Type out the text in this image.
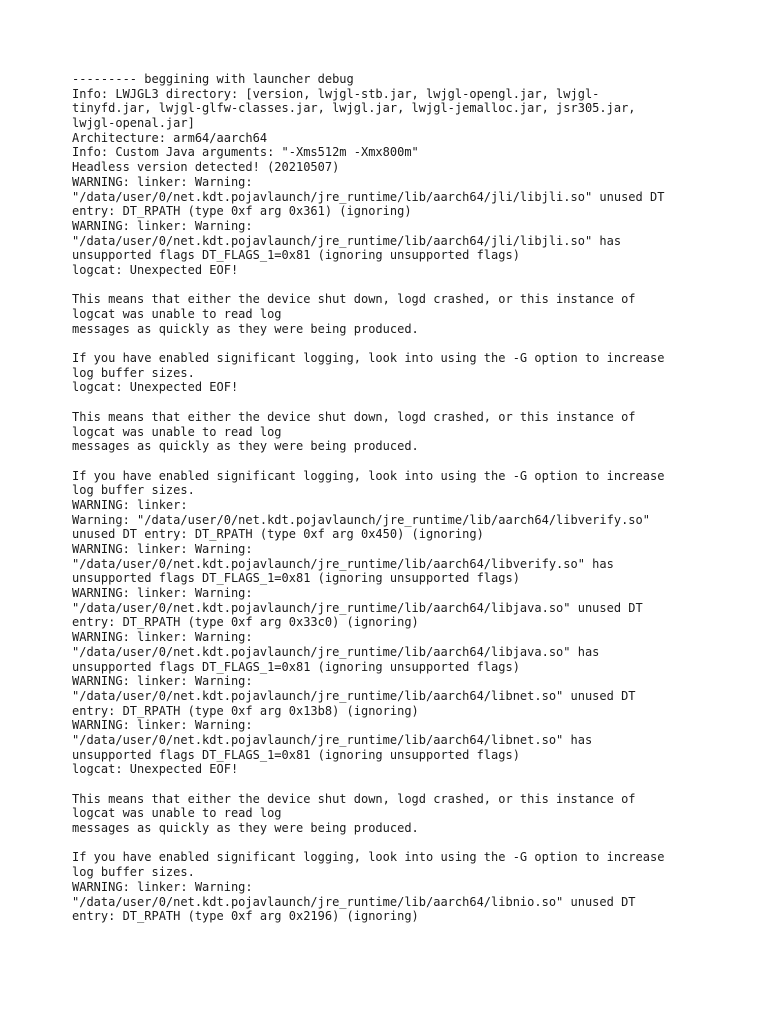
--------- beggining with launcher debug
Info: LWJGL3 directory: [version, lwjgl-stb.jar, lwjgl-opengl.jar, lwjgl-
tinyfd.jar, lwjgl-glfw-classes.jar, lwjgl.jar, lwjgl-jemalloc.jar, jsr305.jar,
lwjgl-openal.jar]
Architecture: arm64/aarch64
Info: Custom Java arguments: "-Xms512m -Xmx800m"
Headless version detected! (20210507)
WARNING: linker: Warning:
"/data/user/0/net.kdt.pojavlaunch/jre_runtime/lib/aarch64/jli/libjli.so" unused DT
entry: DT_RPATH (type 0xf arg 0x361) (ignoring)
WARNING: linker: Warning:
"/data/user/0/net.kdt.pojavlaunch/jre_runtime/lib/aarch64/jli/libjli.so" has
unsupported flags DT_FLAGS_1=0x81 (ignoring unsupported flags)
logcat: Unexpected EOF!
This means that either the device shut down, logd crashed, or this instance of
logcat was unable to read log
messages as quickly as they were being produced.
If you have enabled significant logging, look into using the -G option to increase
log buffer sizes.
logcat: Unexpected EOF!
This means that either the device shut down, logd crashed, or this instance of
logcat was unable to read log
messages as quickly as they were being produced.
If you have enabled significant logging, look into using the -G option to increase
log buffer sizes.
WARNING: linker:
Warning: "/data/user/0/net.kdt.pojavlaunch/jre_runtime/lib/aarch64/libverify.so"
unused DT entry: DT_RPATH (type 0xf arg 0x450) (ignoring)
WARNING: linker: Warning:
"/data/user/0/net.kdt.pojavlaunch/jre_runtime/lib/aarch64/libverify.so" has
unsupported flags DT_FLAGS_1=0x81 (ignoring unsupported flags)
WARNING: linker: Warning:
"/data/user/0/net.kdt.pojavlaunch/jre_runtime/lib/aarch64/libjava.so" unused DT
entry: DT_RPATH (type 0xf arg 0x33c0) (ignoring)
WARNING: linker: Warning:
"/data/user/0/net.kdt.pojavlaunch/jre_runtime/lib/aarch64/libjava.so" has
unsupported flags DT_FLAGS_1=0x81 (ignoring unsupported flags)
WARNING: linker: Warning:
"/data/user/0/net.kdt.pojavlaunch/jre_runtime/lib/aarch64/libnet.so" unused DT
entry: DT_RPATH (type 0xf arg 0x13b8) (ignoring)
WARNING: linker: Warning:
"/data/user/0/net.kdt.pojavlaunch/jre_runtime/lib/aarch64/libnet.so" has
unsupported flags DT_FLAGS_1=0x81 (ignoring unsupported flags)
logcat: Unexpected EOF!
This means that either the device shut down, logd crashed, or this instance of
logcat was unable to read log
messages as quickly as they were being produced.
If you have enabled significant logging, look into using the -G option to increase
log buffer sizes.
WARNING: linker: Warning:
"/data/user/0/net.kdt.pojavlaunch/jre_runtime/lib/aarch64/libnio.so" unused DT
entry: DT_RPATH (type 0xf arg 0x2196) (ignoring)
